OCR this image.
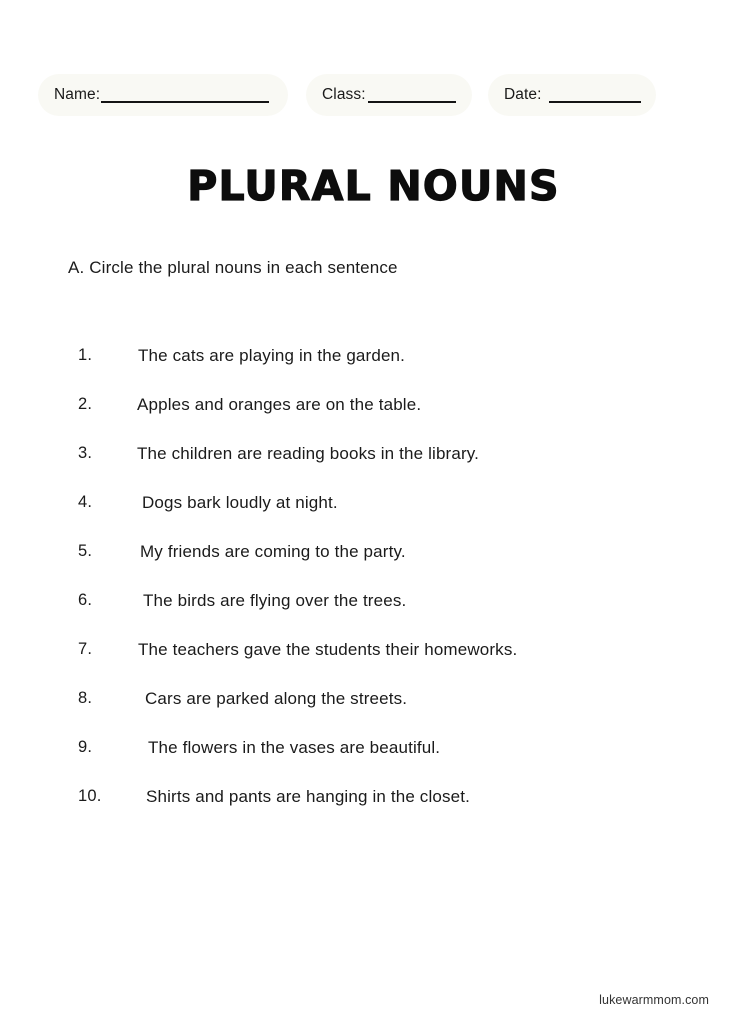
Name:	Class:	Date:
PLURAL NOUNS
A. Circle the plural nouns in each sentence
1.	The cats are playing in the garden.
2.	Apples and oranges are on the table.
3.	The children are reading books in the library.
4.	Dogs bark loudly at night.
5.	My friends are coming to the party.
6.	The birds are flying over the trees.
7.	The teachers gave the students their homeworks.
8.	Cars are parked along the streets.
9.	The flowers in the vases are beautiful.
10.	Shirts and pants are hanging in the closet.
lukewarmmom.com
